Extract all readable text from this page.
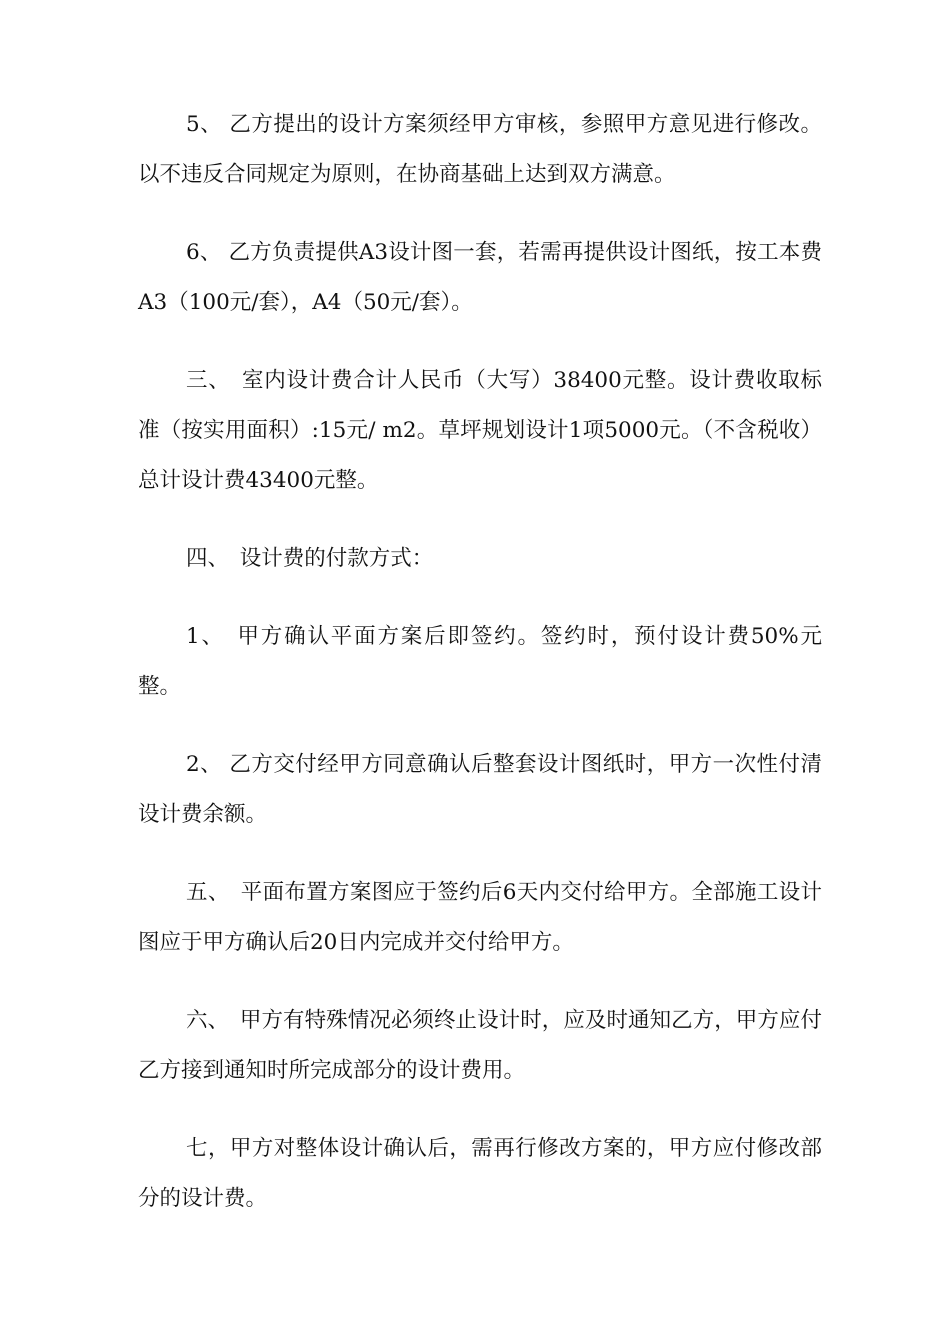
5、 乙方提出的设计方案须经甲方审核，参照甲方意见进行修改。以不违反合同规定为原则，在协商基础上达到双方满意。

6、 乙方负责提供A3设计图一套，若需再提供设计图纸，按工本费A3（100元/套），A4（50元/套）。

三、　室内设计费合计人民币（大写）38400元整。设计费收取标准（按实用面积）:15元/ m2。草坪规划设计1项5000元。（不含税收）总计设计费43400元整。

四、　设计费的付款方式：

1、　甲方确认平面方案后即签约。签约时，预付设计费50%元　整。

2、 乙方交付经甲方同意确认后整套设计图纸时，甲方一次性付清设计费余额。

五、　平面布置方案图应于签约后6天内交付给甲方。全部施工设计图应于甲方确认后20日内完成并交付给甲方。

六、　甲方有特殊情况必须终止设计时，应及时通知乙方，甲方应付乙方接到通知时所完成部分的设计费用。

七，甲方对整体设计确认后，需再行修改方案的，甲方应付修改部分的设计费。
